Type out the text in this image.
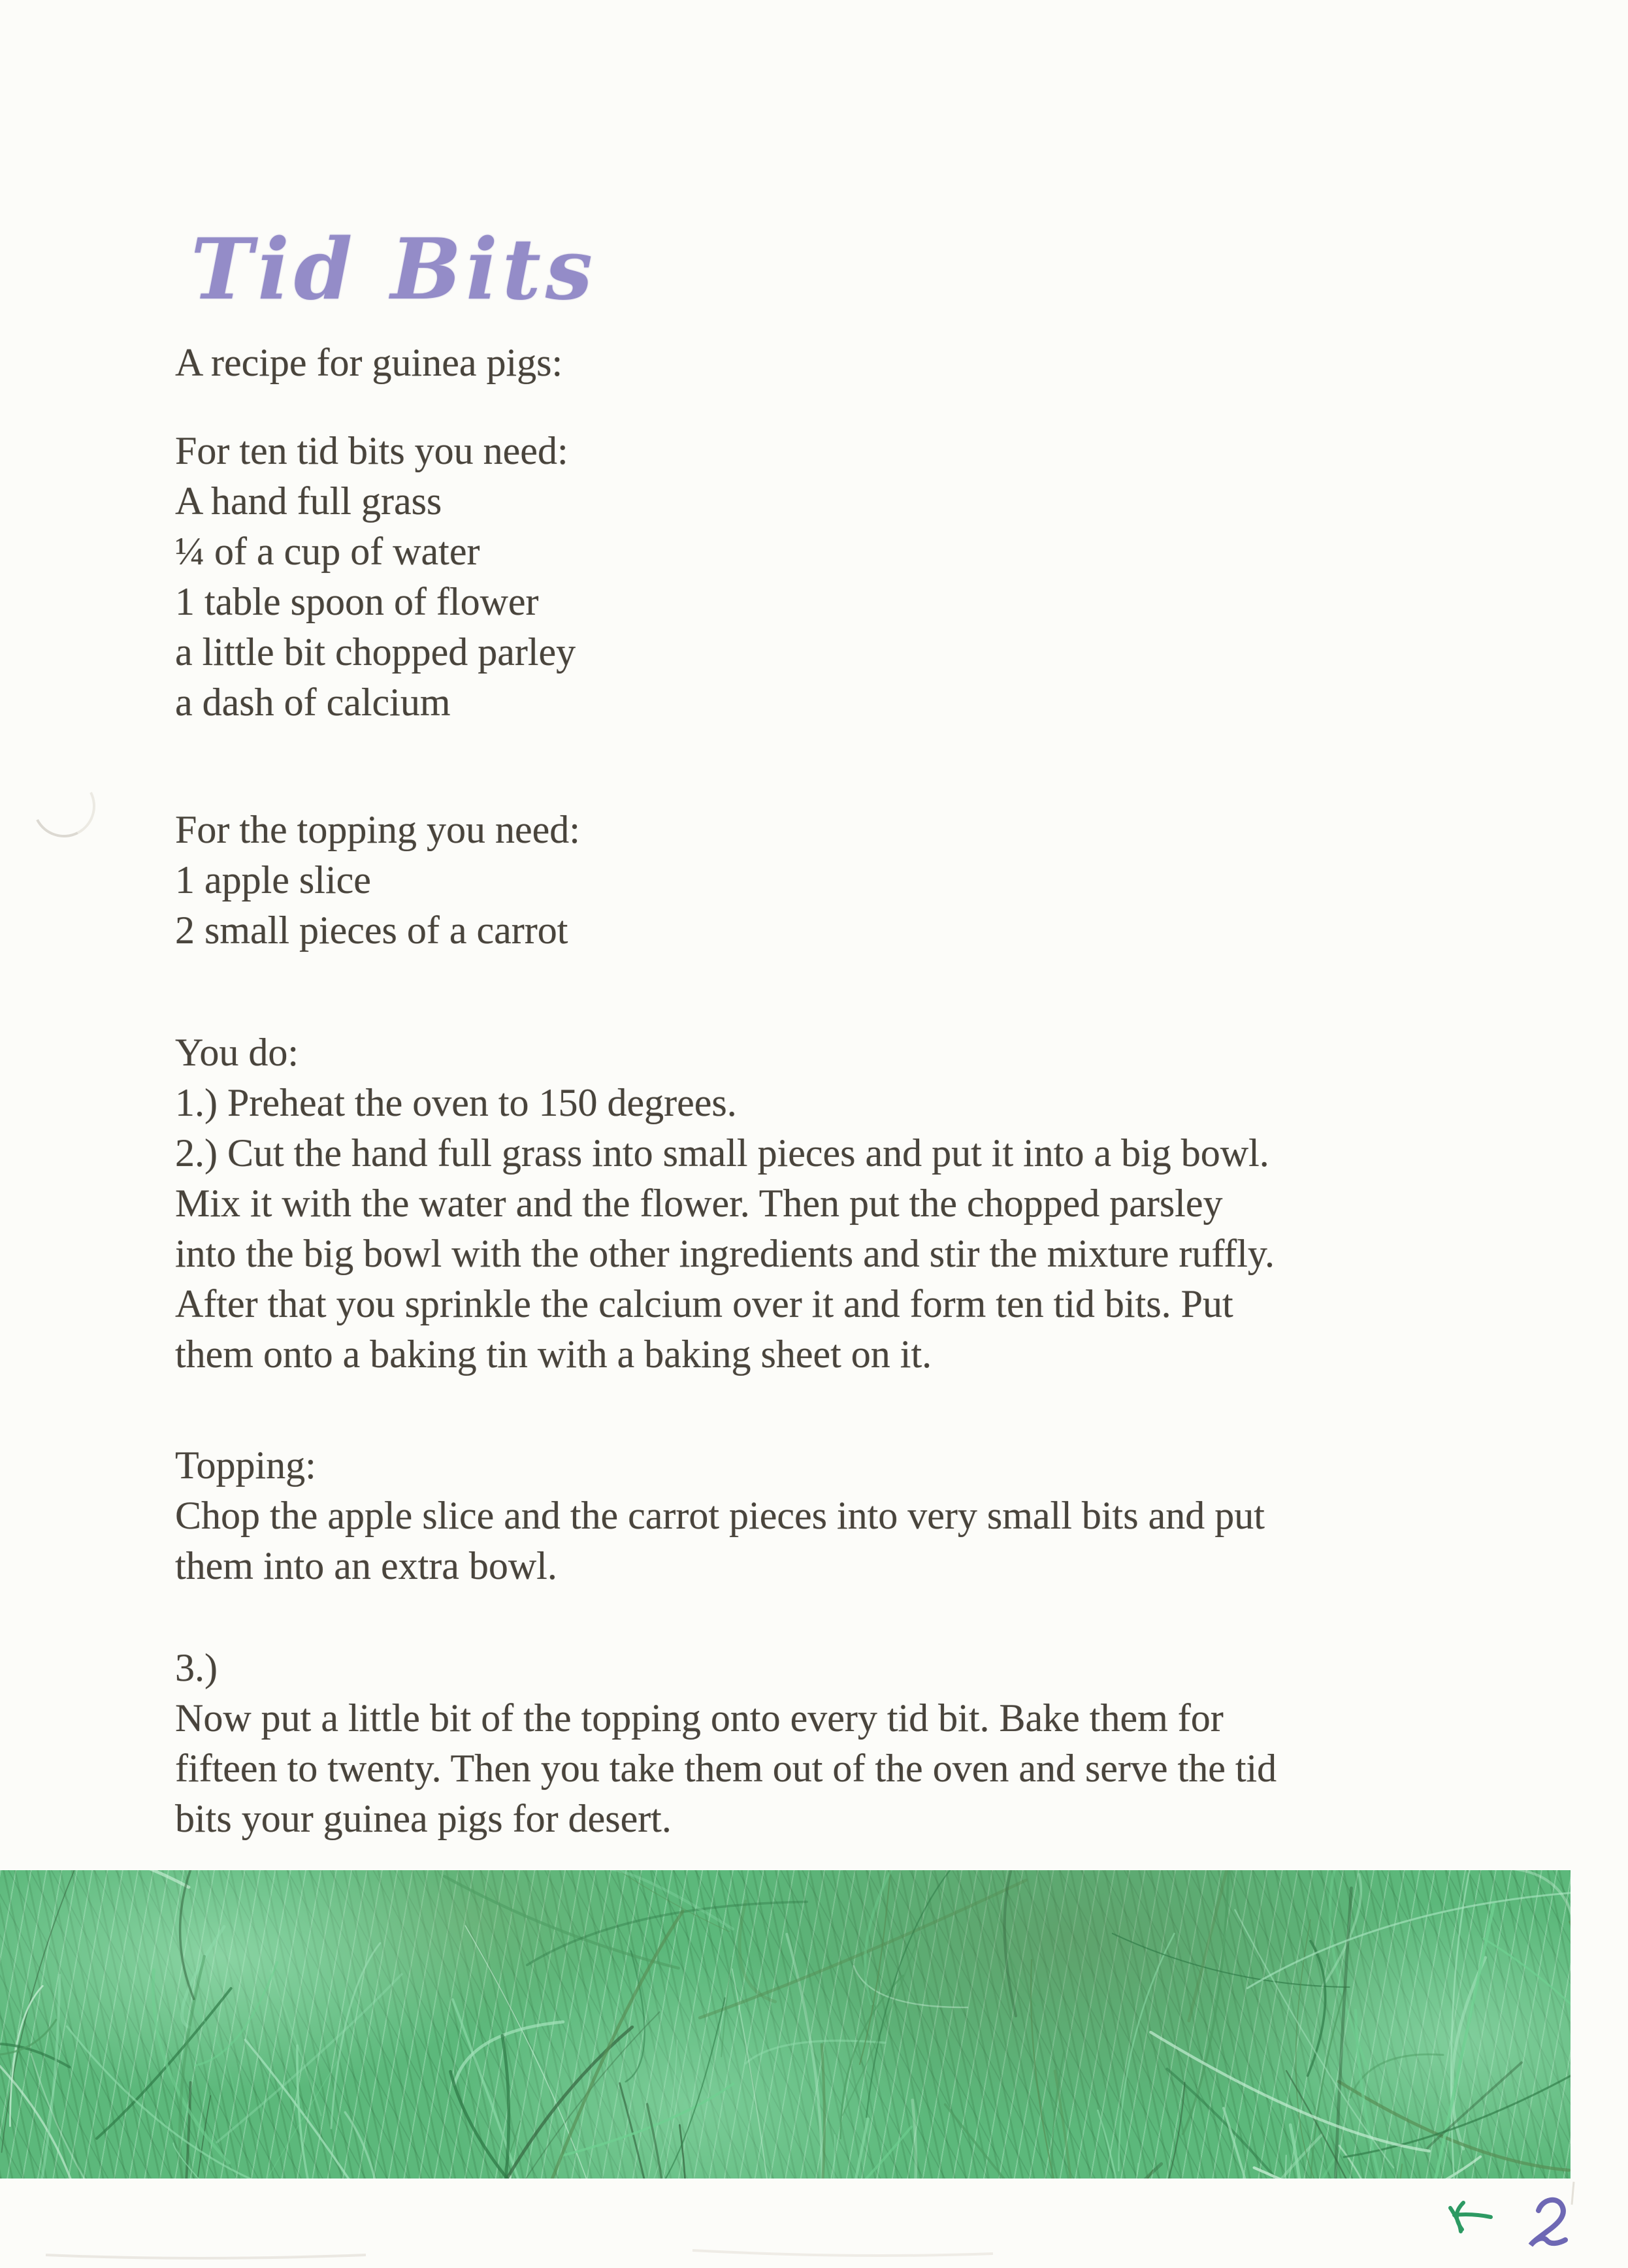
Tid Bits
A recipe for guinea pigs:
For ten tid bits you need:
A hand full grass
¼ of a cup of water
1 table spoon of flower
a little bit chopped parley
a dash of calcium
For the topping you need:
1 apple slice
2 small pieces of a carrot
You do:
1.) Preheat the oven to 150 degrees.
2.) Cut the hand full grass into small pieces and put it into a big bowl.
Mix it with the water and the flower. Then put the chopped parsley
into the big bowl with the other ingredients and stir the mixture ruffly.
After that you sprinkle the calcium over it and form ten tid bits. Put
them onto a baking tin with a baking sheet on it.
Topping:
Chop the apple slice and the carrot pieces into very small bits and put
them into an extra bowl.
3.)
Now put a little bit of the topping onto every tid bit. Bake them for
fifteen to twenty. Then you take them out of the oven and serve the tid
bits your guinea pigs for desert.
